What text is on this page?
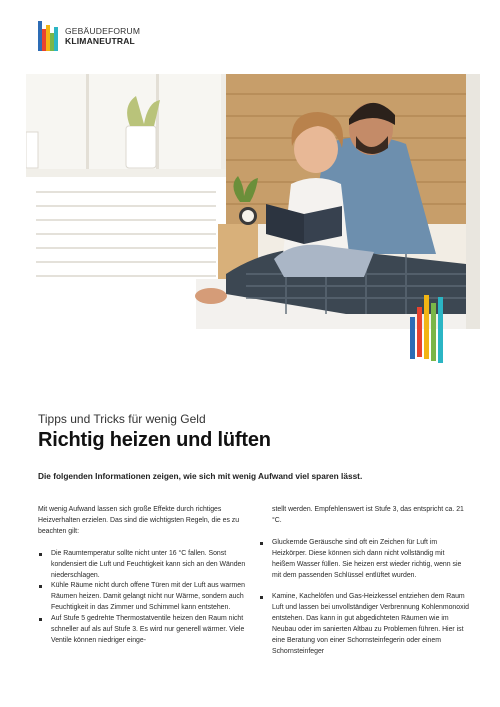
GEBÄUDEFORUM
KLIMANEUTRAL
© shutterstock / Evgeny Atamanenko
Tipps und Tricks für wenig Geld
Richtig heizen und lüften
Die folgenden Informationen zeigen, wie sich mit wenig Aufwand viel sparen lässt.

Mit wenig Aufwand lassen sich große Effekte durch richtiges Heizverhalten erzielen. Das sind die wichtigsten Regeln, die es zu beachten gilt:

Die Raumtemperatur sollte nicht unter 16 °C fallen. Sonst kondensiert die Luft und Feuchtigkeit kann sich an den Wänden niederschlagen.
Kühle Räume nicht durch offene Türen mit der Luft aus warmen Räumen heizen. Damit gelangt nicht nur Wärme, sondern auch Feuchtigkeit in das Zimmer und Schimmel kann entstehen.
Auf Stufe 5 gedrehte Thermostatventile heizen den Raum nicht schneller auf als auf Stufe 3. Es wird nur generell wärmer. Viele Ventile können niedriger einge-
stellt werden. Empfehlenswert ist Stufe 3, das entspricht ca. 21 °C.
Gluckernde Geräusche sind oft ein Zeichen für Luft im Heizkörper. Diese können sich dann nicht vollständig mit heißem Wasser füllen. Sie heizen erst wieder richtig, wenn sie mit dem passenden Schlüssel entlüftet wurden.
Kamine, Kachelöfen und Gas-Heizkessel entziehen dem Raum Luft und lassen bei unvollständiger Verbrennung Kohlenmonoxid entstehen. Das kann in gut abgedichteten Räumen wie im Neubau oder im sanierten Altbau zu Problemen führen. Hier ist eine Beratung von einer Schornsteinfegerin oder einem Schornsteinfeger
